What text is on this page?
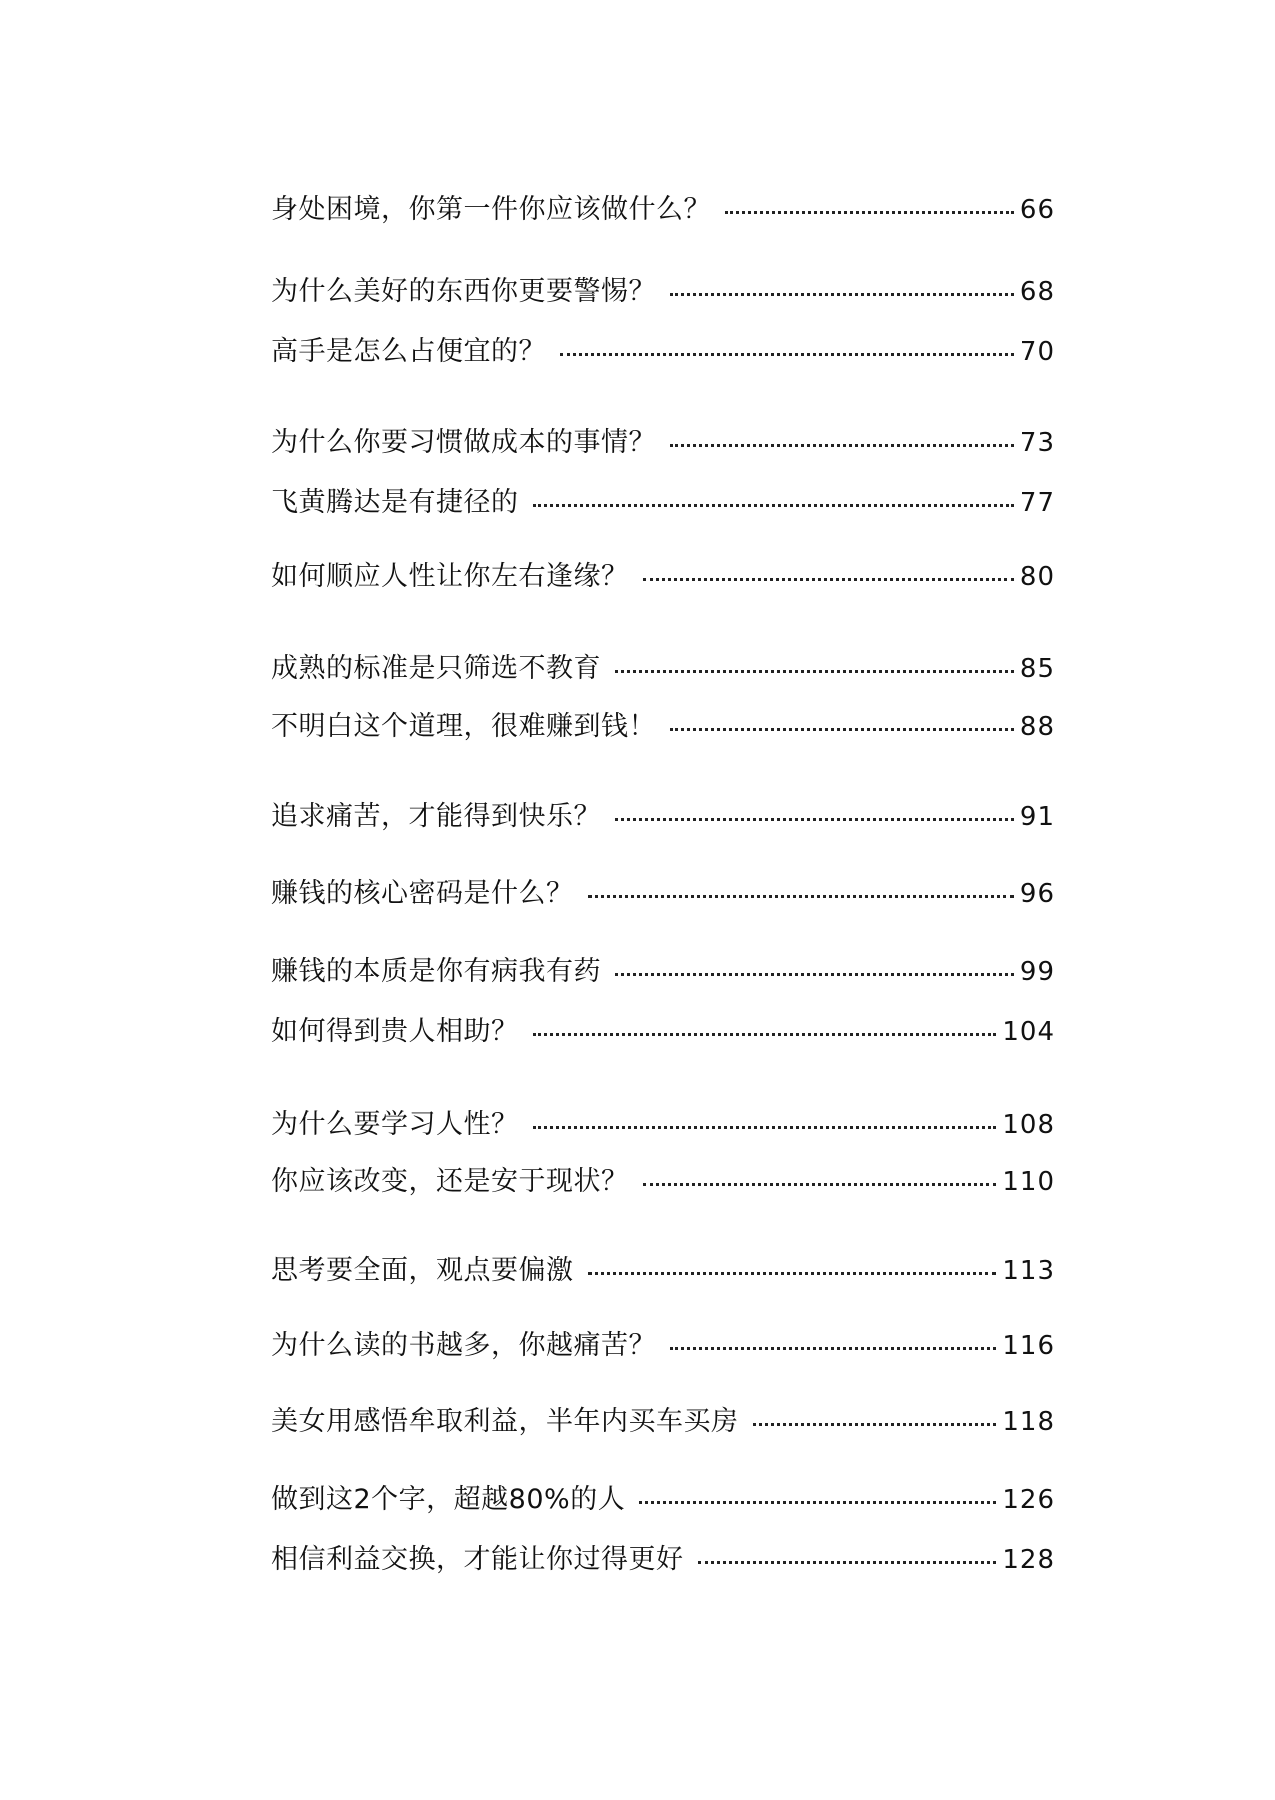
身处困境，你第一件你应该做什么？	66
为什么美好的东西你更要警惕？	68
高手是怎么占便宜的？	70
为什么你要习惯做成本的事情？	73
飞黄腾达是有捷径的	77
如何顺应人性让你左右逢缘？	80
成熟的标准是只筛选不教育	85
不明白这个道理，很难赚到钱！	88
追求痛苦，才能得到快乐？	91
赚钱的核心密码是什么？	96
赚钱的本质是你有病我有药	99
如何得到贵人相助？	104
为什么要学习人性？	108
你应该改变，还是安于现状？	110
思考要全面，观点要偏激	113
为什么读的书越多，你越痛苦？	116
美女用感悟牟取利益，半年内买车买房	118
做到这2个字，超越80%的人	126
相信利益交换，才能让你过得更好	128
